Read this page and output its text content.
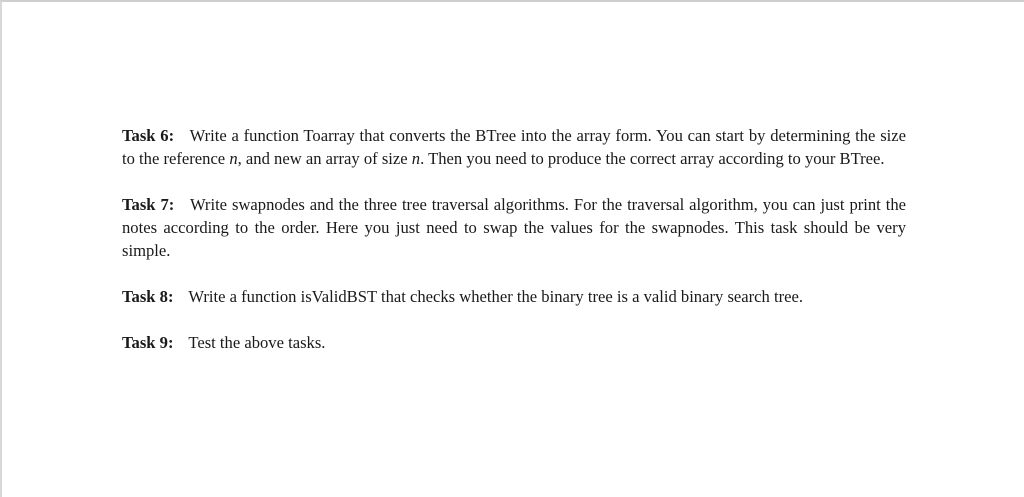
Task 6: Write a function Toarray that converts the BTree into the array form. You can start by determining the size to the reference n, and new an array of size n. Then you need to produce the correct array according to your BTree.

Task 7: Write swapnodes and the three tree traversal algorithms. For the traversal algorithm, you can just print the notes according to the order. Here you just need to swap the values for the swapnodes. This task should be very simple.

Task 8: Write a function isValidBST that checks whether the binary tree is a valid binary search tree.

Task 9: Test the above tasks.
